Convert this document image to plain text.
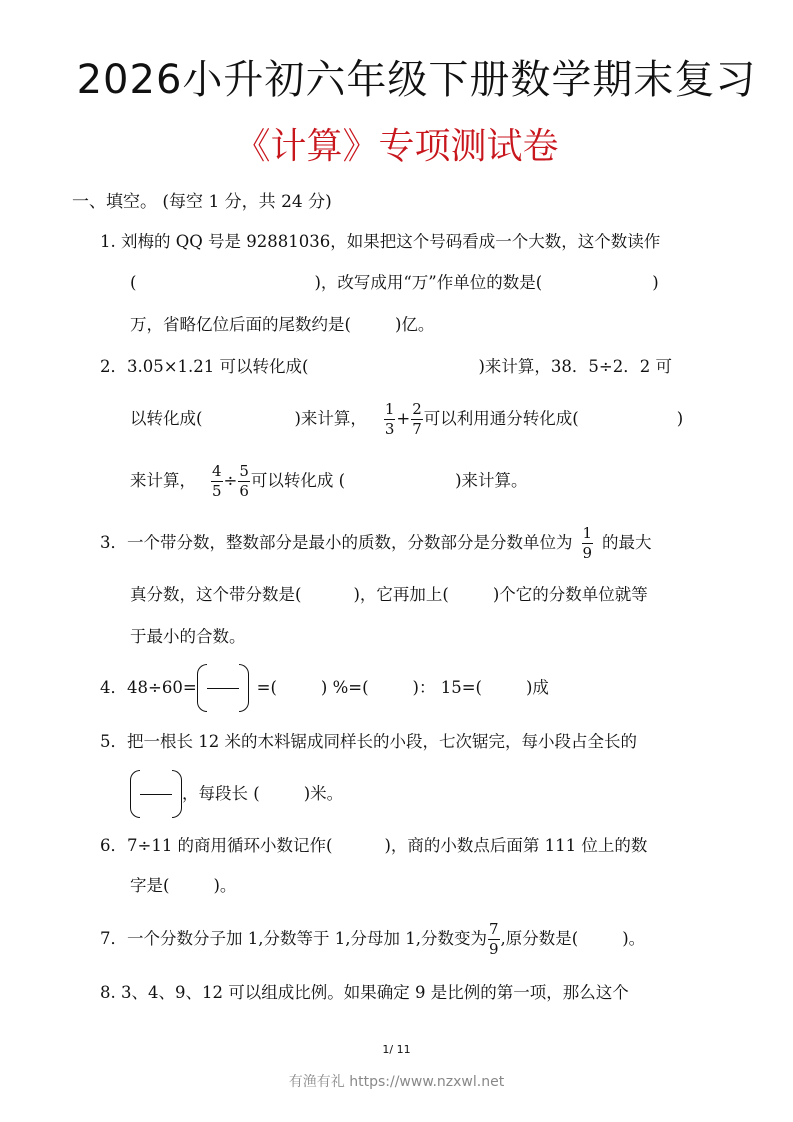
2026小升初六年级下册数学期末复习
《计算》专项测试卷
一、填空。 (每空 1 分，共 24 分)
1. 刘梅的 QQ 号是 92881036，如果把这个号码看成一个大数，这个数读作
(	)，改写成用“万”作单位的数是(	)
万，省略亿位后面的尾数约是(	)亿。
2．3.05×1.21 可以转化成(	)来计算，38．5÷2．2 可
以转化成(	)来计算， $\frac{1}{3} + \frac{2}{7}$ 可以利用通分转化成(	)
来计算， $\frac{4}{5} \div \frac{5}{6}$ 可以转化成 (	)来计算。
3．一个带分数，整数部分是最小的质数，分数部分是分数单位为 $\frac{1}{9}$ 的最大
真分数，这个带分数是(	)，它再加上(	)个它的分数单位就等
于最小的合数。
4．48÷60=	=(	) %=(	)： 15=(	)成
5．把一根长 12 米的木料锯成同样长的小段，七次锯完，每小段占全长的
，每段长 (	)米。
6．7÷11 的商用循环小数记作(	)，商的小数点后面第 111 位上的数
字是(	)。
7．一个分数分子加 1,分数等于 1,分母加 1,分数变为 $\frac{7}{9}$ ,原分数是(	)。
8. 3、4、9、12 可以组成比例。如果确定 9 是比例的第一项，那么这个
1/ 11
有渔有礼 https://www.nzxwl.net
